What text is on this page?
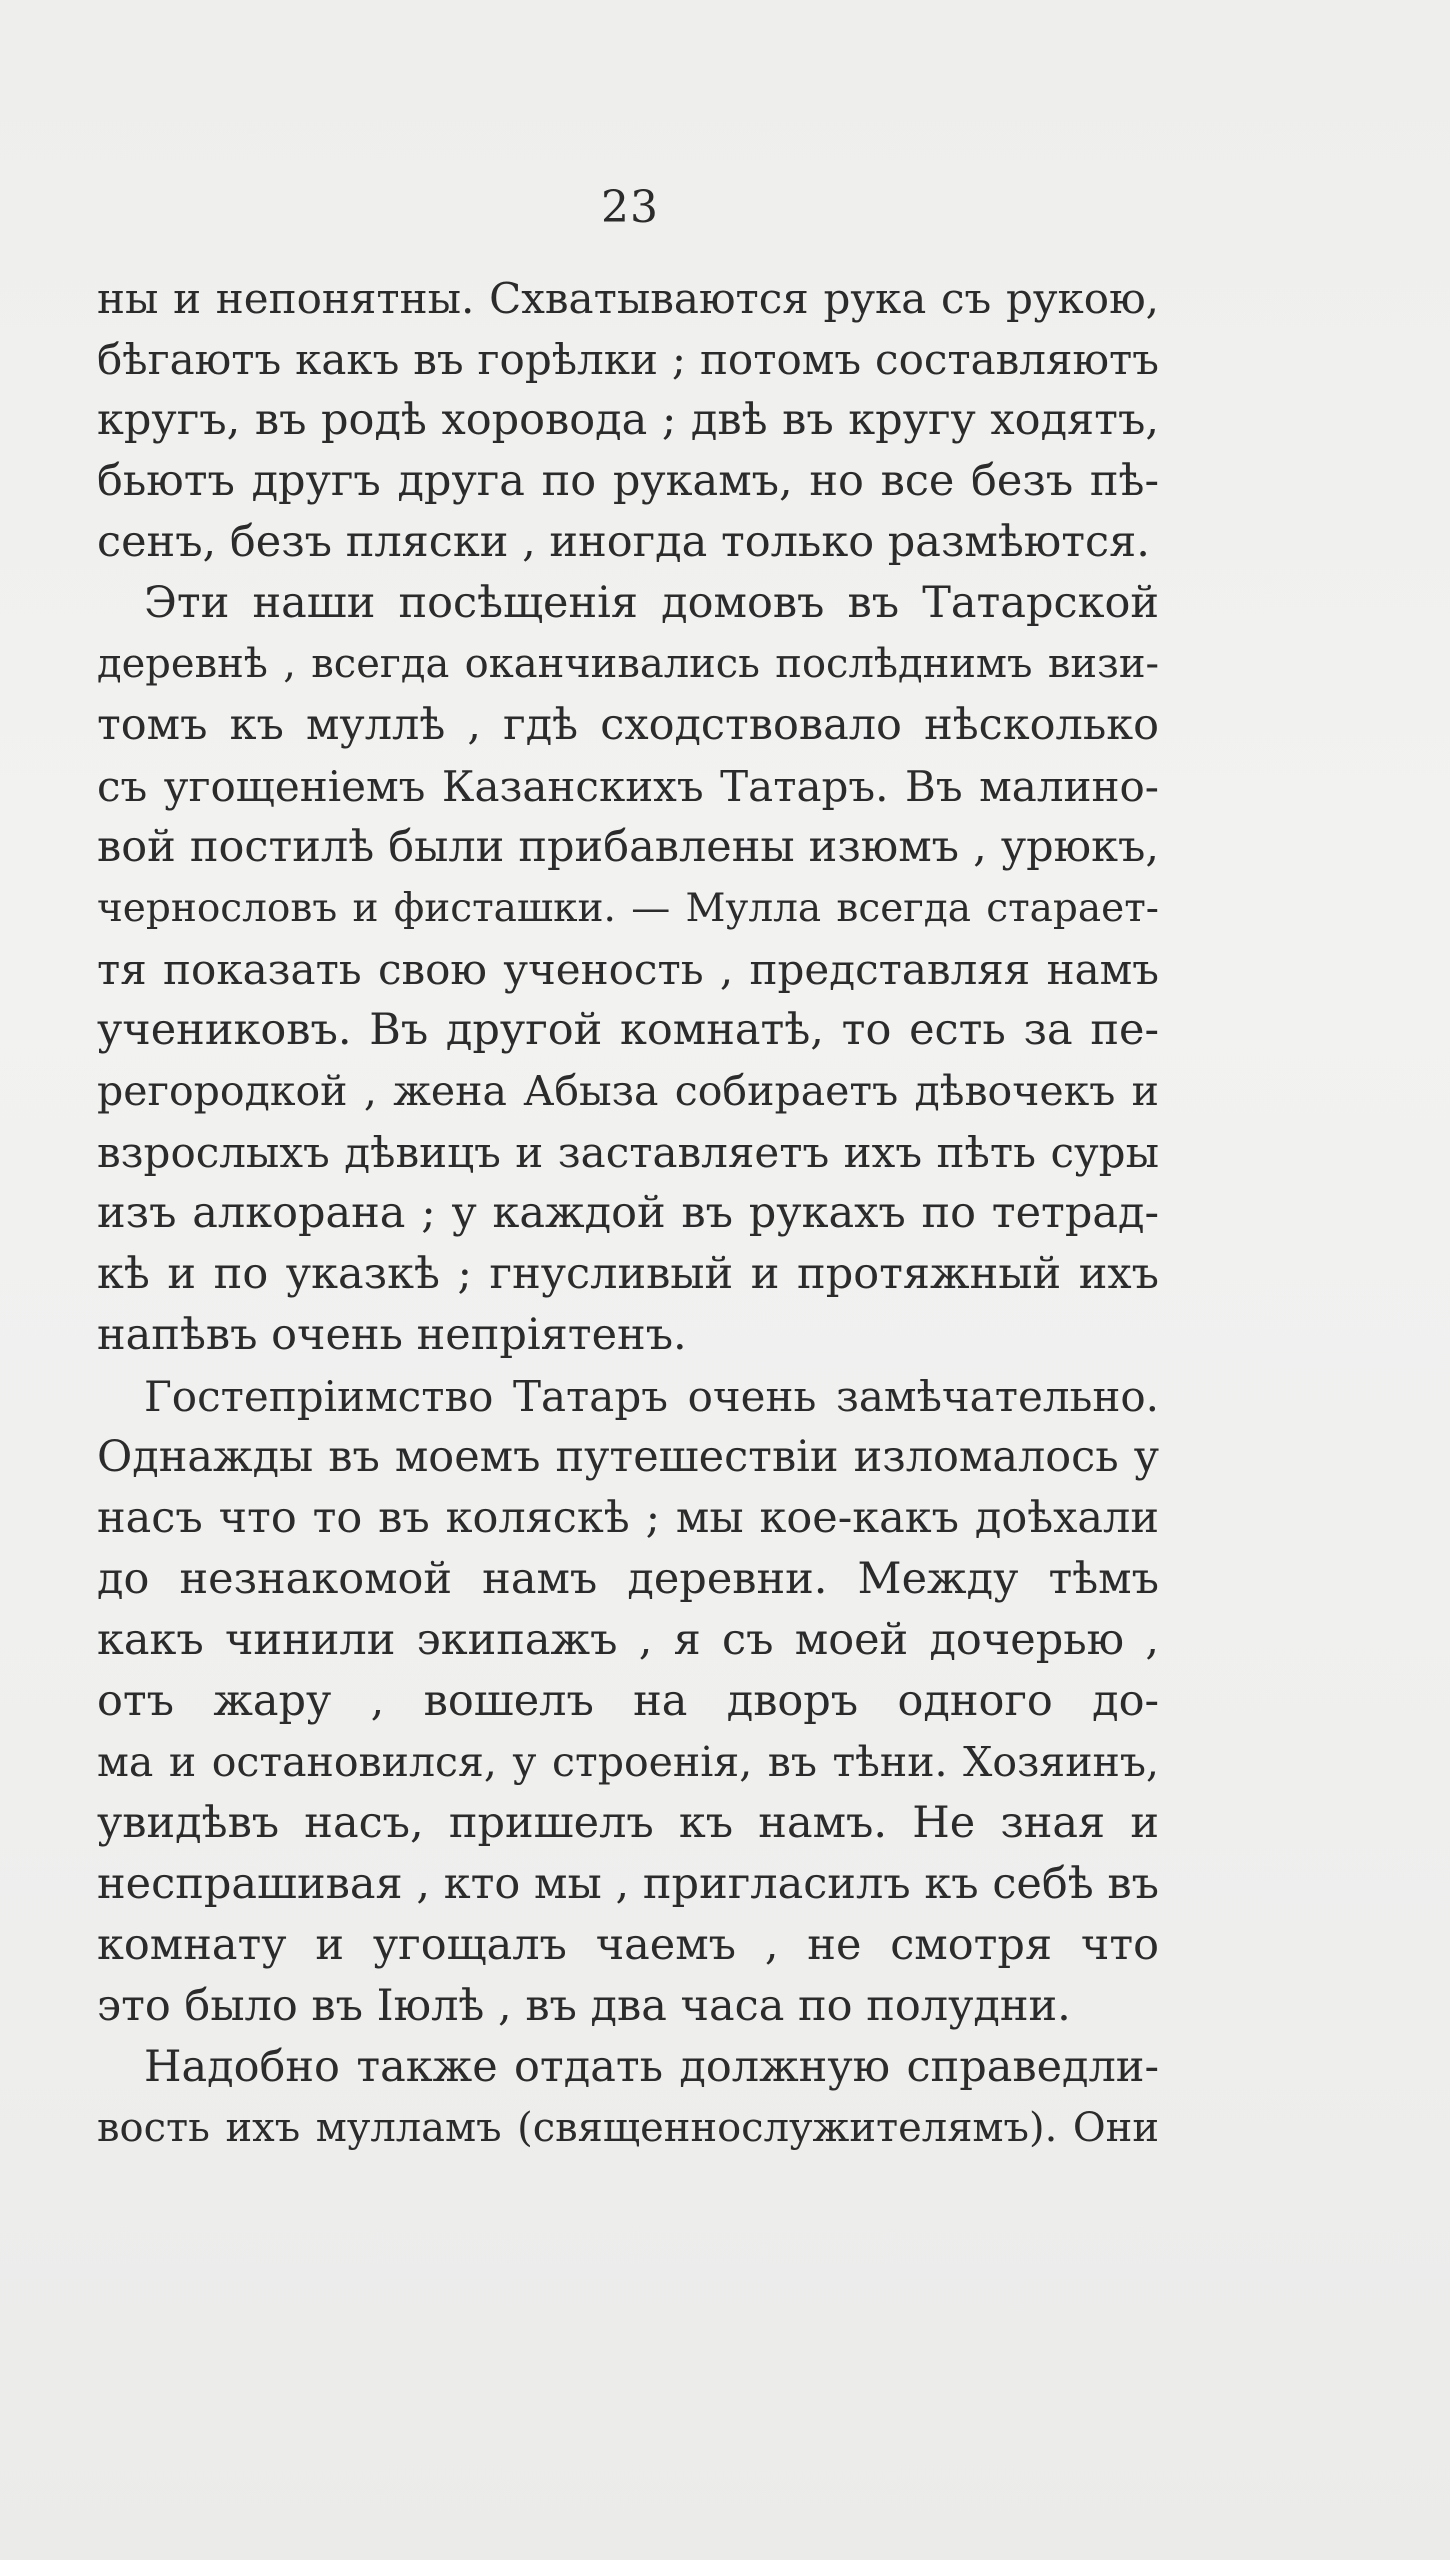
23
ны и непонятны. Схватываются рука съ рукою,
бѣгаютъ какъ въ горѣлки ; потомъ составляютъ
кругъ, въ родѣ хоровода ; двѣ въ кругу ходятъ,
бьютъ другъ друга по рукамъ, но все безъ пѣ-
сенъ, безъ пляски , иногда только размѣются.
Эти наши посѣщенія домовъ въ Татарской
деревнѣ , всегда оканчивались послѣднимъ визи-
томъ къ муллѣ , гдѣ сходствовало нѣсколько
съ угощеніемъ Казанскихъ Татаръ. Въ малино-
вой постилѣ были прибавлены изюмъ , урюкъ,
чернословъ и фисташки. — Мулла всегда старает-
тя показать свою ученость , представляя намъ
учениковъ. Въ другой комнатѣ, то есть за пе-
регородкой , жена Абыза собираетъ дѣвочекъ и
взрослыхъ дѣвицъ и заставляетъ ихъ пѣть суры
изъ алкорана ; у каждой въ рукахъ по тетрад-
кѣ и по указкѣ ; гнусливый и протяжный ихъ
напѣвъ очень непріятенъ.
Гостепріимство Татаръ очень замѣчательно.
Однажды въ моемъ путешествіи изломалось у
насъ что то въ коляскѣ ; мы кое-какъ доѣхали
до незнакомой намъ деревни. Между тѣмъ
какъ чинили экипажъ , я съ моей дочерью ,
отъ жару , вошелъ на дворъ одного до-
ма и остановился, у строенія, въ тѣни. Хозяинъ,
увидѣвъ насъ, пришелъ къ намъ. Не зная и
неспрашивая , кто мы , пригласилъ къ себѣ въ
комнату и угощалъ чаемъ , не смотря что
это было въ Іюлѣ , въ два часа по полудни.
Надобно также отдать должную справедли-
вость ихъ мулламъ (священнослужителямъ). Они
